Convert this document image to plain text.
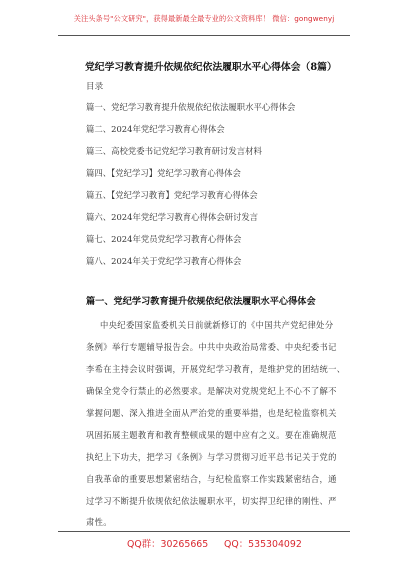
关注头条号"公文研究"，获得最新最全最专业的公文资料库！ 微信：gongwenyj
党纪学习教育提升依规依纪依法履职水平心得体会（8篇）
目录
篇一、党纪学习教育提升依规依纪依法履职水平心得体会
篇二、2024年党纪学习教育心得体会
篇三、高校党委书记党纪学习教育研讨发言材料
篇四、【党纪学习】党纪学习教育心得体会
篇五、【党纪学习教育】党纪学习教育心得体会
篇六、2024年党纪学习教育心得体会研讨发言
篇七、2024年党员党纪学习教育心得体会
篇八、2024年关于党纪学习教育心得体会
篇一、党纪学习教育提升依规依纪依法履职水平心得体会
中央纪委国家监委机关日前就新修订的《中国共产党纪律处分
条例》举行专题辅导报告会。中共中央政治局常委、中央纪委书记
李希在主持会议时强调，开展党纪学习教育，是维护党的团结统一、
确保全党令行禁止的必然要求。是解决对党规党纪上不心不了解不
掌握问题、深入推进全面从严治党的重要举措，也是纪检监察机关
巩固拓展主题教育和教育整顿成果的题中应有之义。要在准确规范
执纪上下功夫，把学习《条例》与学习贯彻习近平总书记关于党的
自我革命的重要思想紧密结合，与纪检监察工作实践紧密结合，通
过学习不断提升依规依纪依法履职水平，切实捍卫纪律的刚性、严
肃性。
QQ群：30265665 QQ：535304092
